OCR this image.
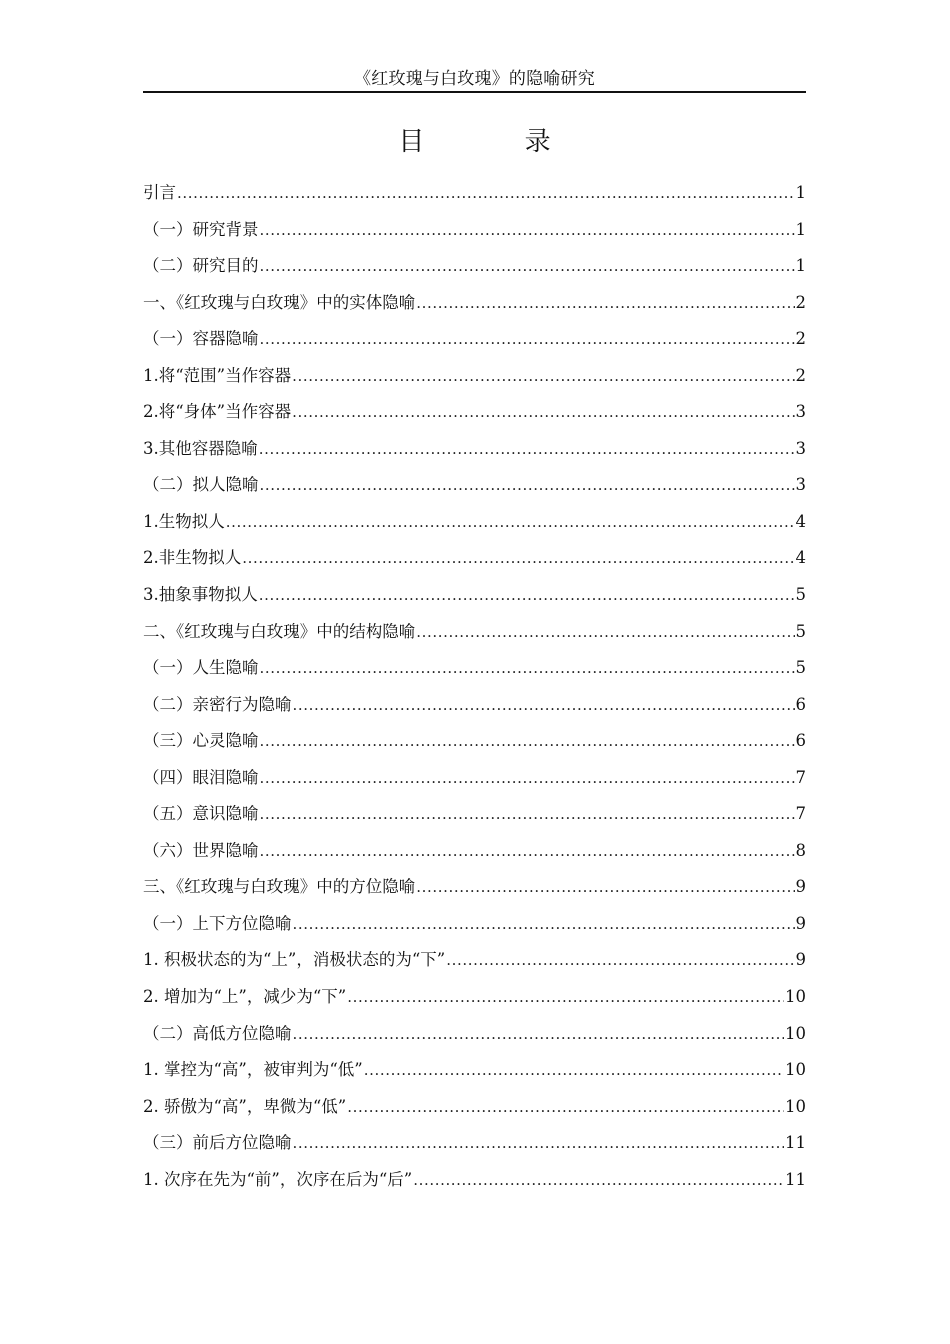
《红玫瑰与白玫瑰》的隐喻研究
目 录
引言 .....	1
（一）研究背景 .....	1
（二）研究目的 .....	1
一、《红玫瑰与白玫瑰》中的实体隐喻 .....	2
（一）容器隐喻 .....	2
1.将“范围”当作容器 .....	2
2.将“身体”当作容器 .....	3
3.其他容器隐喻 .....	3
（二）拟人隐喻 .....	3
1.生物拟人 .....	4
2.非生物拟人 .....	4
3.抽象事物拟人 .....	5
二、《红玫瑰与白玫瑰》中的结构隐喻 .....	5
（一）人生隐喻 .....	5
（二）亲密行为隐喻 .....	6
（三）心灵隐喻 .....	6
（四）眼泪隐喻 .....	7
（五）意识隐喻 .....	7
（六）世界隐喻 .....	8
三、《红玫瑰与白玫瑰》中的方位隐喻 .....	9
（一）上下方位隐喻 .....	9
1. 积极状态的为“上”，消极状态的为“下” .....	9
2. 增加为“上”，减少为“下” .....	10
（二）高低方位隐喻 .....	10
1. 掌控为“高”，被审判为“低” .....	10
2. 骄傲为“高”，卑微为“低” .....	10
（三）前后方位隐喻 .....	11
1. 次序在先为“前”，次序在后为“后” .....	11
